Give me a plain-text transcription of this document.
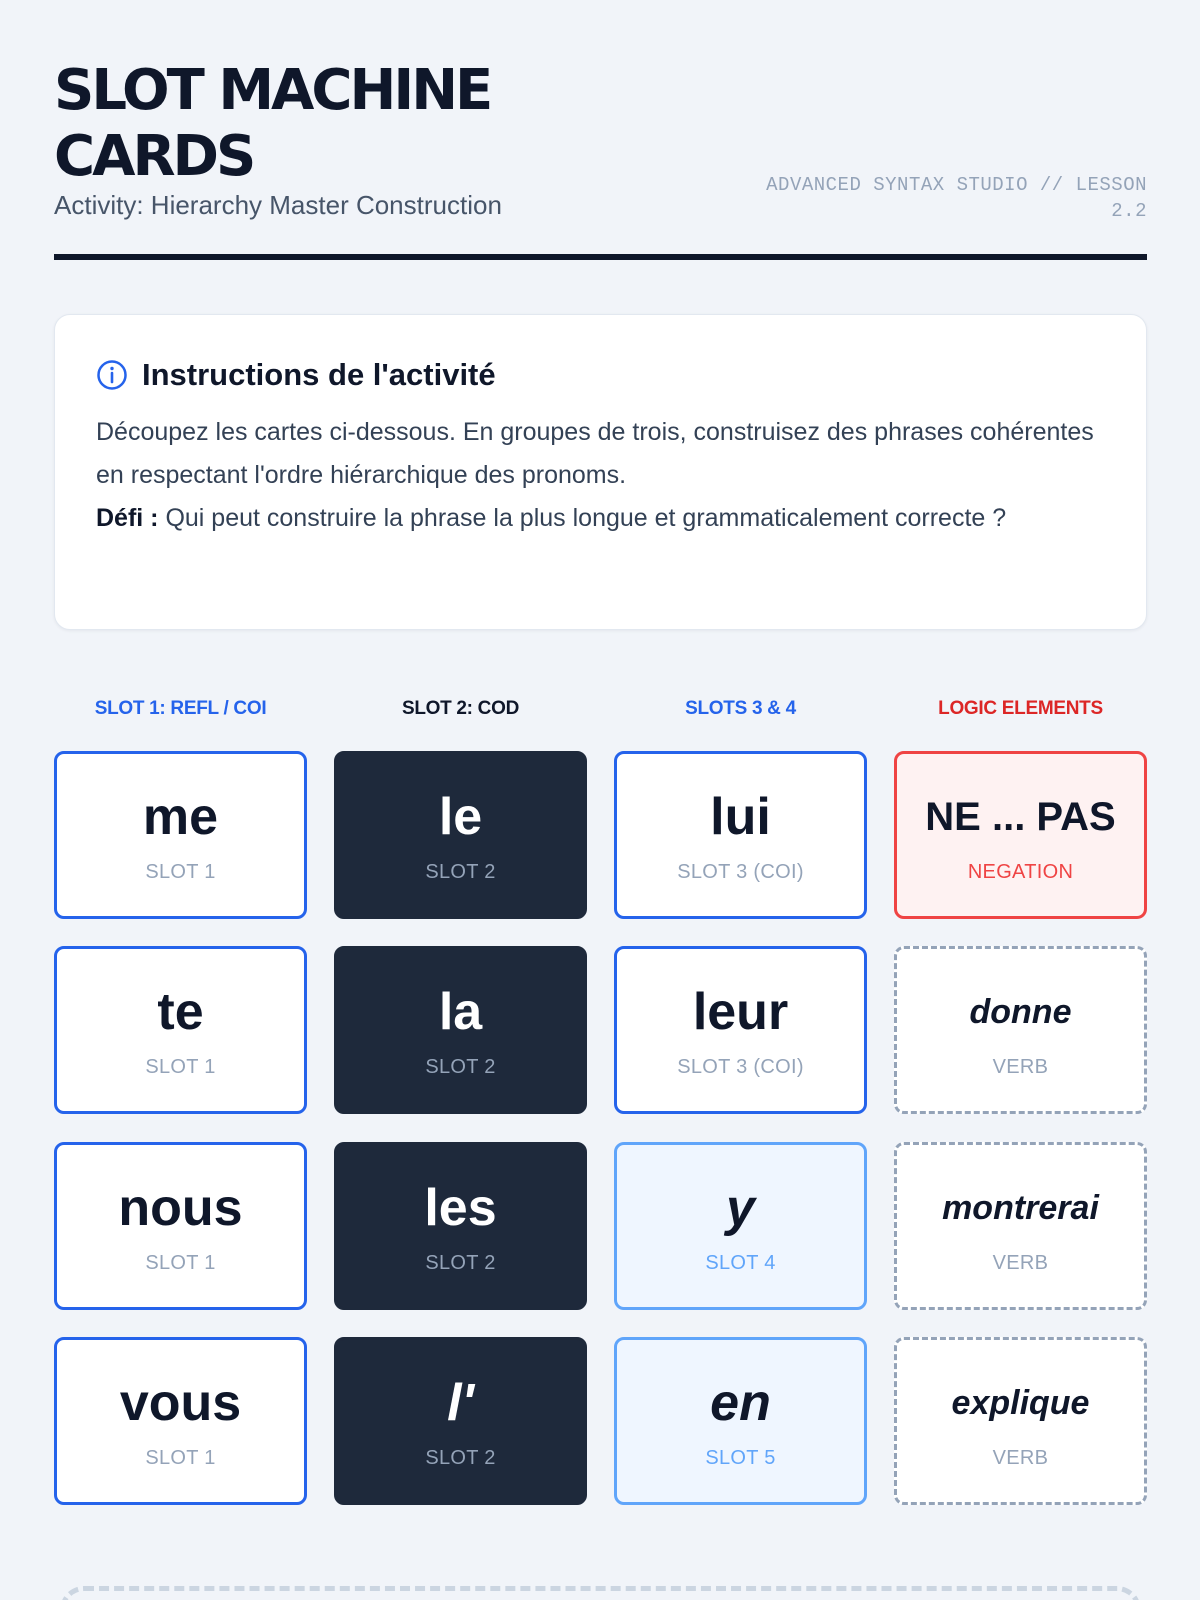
SLOT MACHINE CARDS
Activity: Hierarchy Master Construction
ADVANCED SYNTAX STUDIO // LESSON 2.2
Instructions de l'activité
Découpez les cartes ci-dessous. En groupes de trois, construisez des phrases cohérentes en respectant l'ordre hiérarchique des pronoms.
Défi : Qui peut construire la phrase la plus longue et grammaticalement correcte ?
SLOT 1: REFL / COI	SLOT 2: COD	SLOTS 3 & 4	LOGIC ELEMENTS
me
SLOT 1
te
SLOT 1
nous
SLOT 1
vous
SLOT 1
le
SLOT 2
la
SLOT 2
les
SLOT 2
l'
SLOT 2
lui
SLOT 3 (COI)
leur
SLOT 3 (COI)
y
SLOT 4
en
SLOT 5
NE ... PAS
NEGATION
donne
VERB
montrerai
VERB
explique
VERB
